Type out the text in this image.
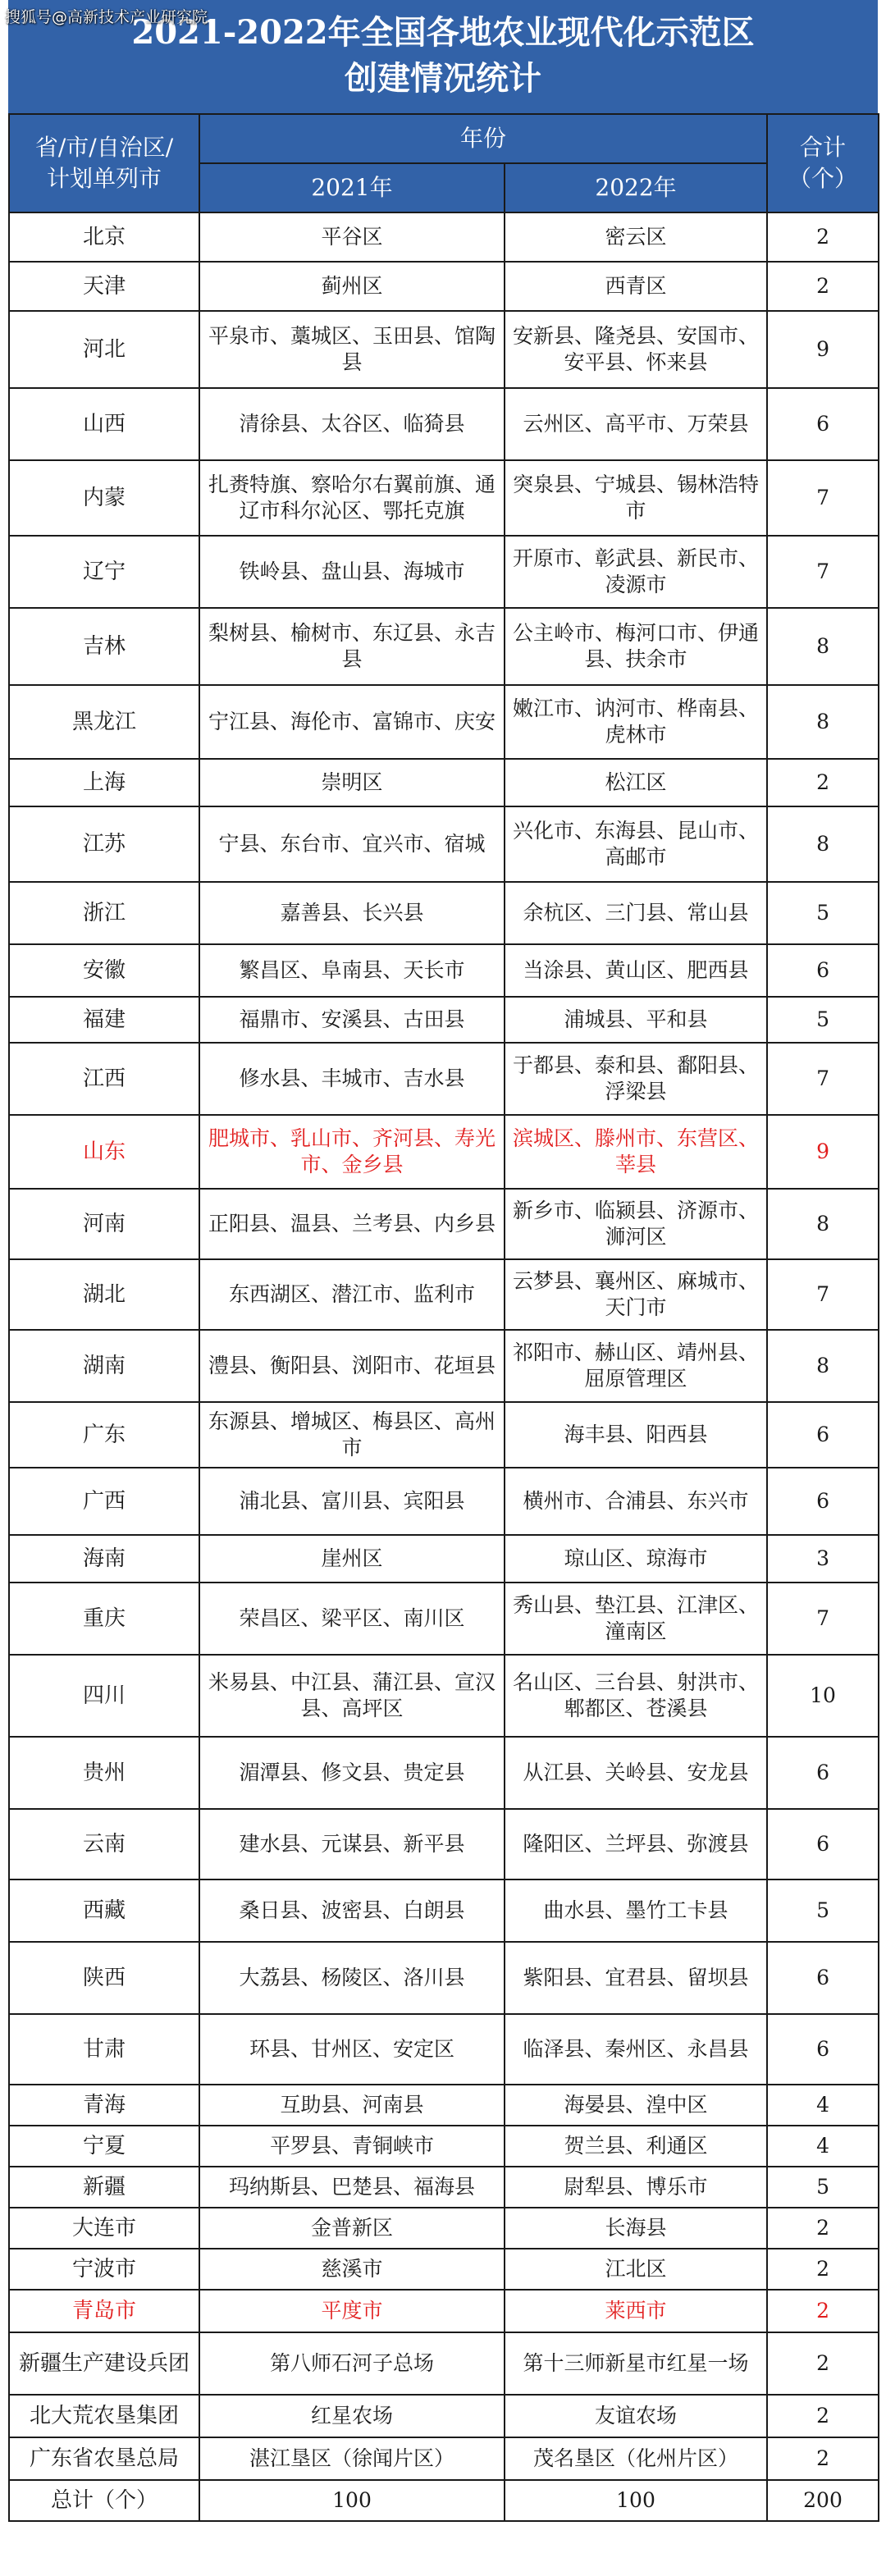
搜狐号@高新技术产业研究院
2021-2022年全国各地农业现代化示范区
创建情况统计
省/市/自治区/
计划单列市	年份		合计
（个）
	2021年	2022年	
北京	平谷区	密云区	2
天津	蓟州区	西青区	2
河北	平泉市、藁城区、玉田县、馆陶县	安新县、隆尧县、安国市、安平县、怀来县	9
山西	清徐县、太谷区、临猗县	云州区、高平市、万荣县	6
内蒙	扎赉特旗、察哈尔右翼前旗、通辽市科尔沁区、鄂托克旗	突泉县、宁城县、锡林浩特市	7
辽宁	铁岭县、盘山县、海城市	开原市、彰武县、新民市、凌源市	7
吉林	梨树县、榆树市、东辽县、永吉县	公主岭市、梅河口市、伊通县、扶余市	8
黑龙江	宁江县、海伦市、富锦市、庆安	嫩江市、讷河市、桦南县、虎林市	8
上海	崇明区	松江区	2
江苏	宁县、东台市、宜兴市、宿城	兴化市、东海县、昆山市、高邮市	8
浙江	嘉善县、长兴县	余杭区、三门县、常山县	5
安徽	繁昌区、阜南县、天长市	当涂县、黄山区、肥西县	6
福建	福鼎市、安溪县、古田县	浦城县、平和县	5
江西	修水县、丰城市、吉水县	于都县、泰和县、鄱阳县、浮梁县	7
山东	肥城市、乳山市、齐河县、寿光市、金乡县	滨城区、滕州市、东营区、莘县	9
河南	正阳县、温县、兰考县、内乡县	新乡市、临颍县、济源市、浉河区	8
湖北	东西湖区、潜江市、监利市	云梦县、襄州区、麻城市、天门市	7
湖南	澧县、衡阳县、浏阳市、花垣县	祁阳市、赫山区、靖州县、屈原管理区	8
广东	东源县、增城区、梅县区、高州市	海丰县、阳西县	6
广西	浦北县、富川县、宾阳县	横州市、合浦县、东兴市	6
海南	崖州区	琼山区、琼海市	3
重庆	荣昌区、梁平区、南川区	秀山县、垫江县、江津区、潼南区	7
四川	米易县、中江县、蒲江县、宣汉县、高坪区	名山区、三台县、射洪市、郫都区、苍溪县	10
贵州	湄潭县、修文县、贵定县	从江县、关岭县、安龙县	6
云南	建水县、元谋县、新平县	隆阳区、兰坪县、弥渡县	6
西藏	桑日县、波密县、白朗县	曲水县、墨竹工卡县	5
陕西	大荔县、杨陵区、洛川县	紫阳县、宜君县、留坝县	6
甘肃	环县、甘州区、安定区	临泽县、秦州区、永昌县	6
青海	互助县、河南县	海晏县、湟中区	4
宁夏	平罗县、青铜峡市	贺兰县、利通区	4
新疆	玛纳斯县、巴楚县、福海县	尉犁县、博乐市	5
大连市	金普新区	长海县	2
宁波市	慈溪市	江北区	2
青岛市	平度市	莱西市	2
新疆生产建设兵团	第八师石河子总场	第十三师新星市红星一场	2
北大荒农垦集团	红星农场	友谊农场	2
广东省农垦总局	湛江垦区（徐闻片区）	茂名垦区（化州片区）	2
总计（个）	100	100	200
